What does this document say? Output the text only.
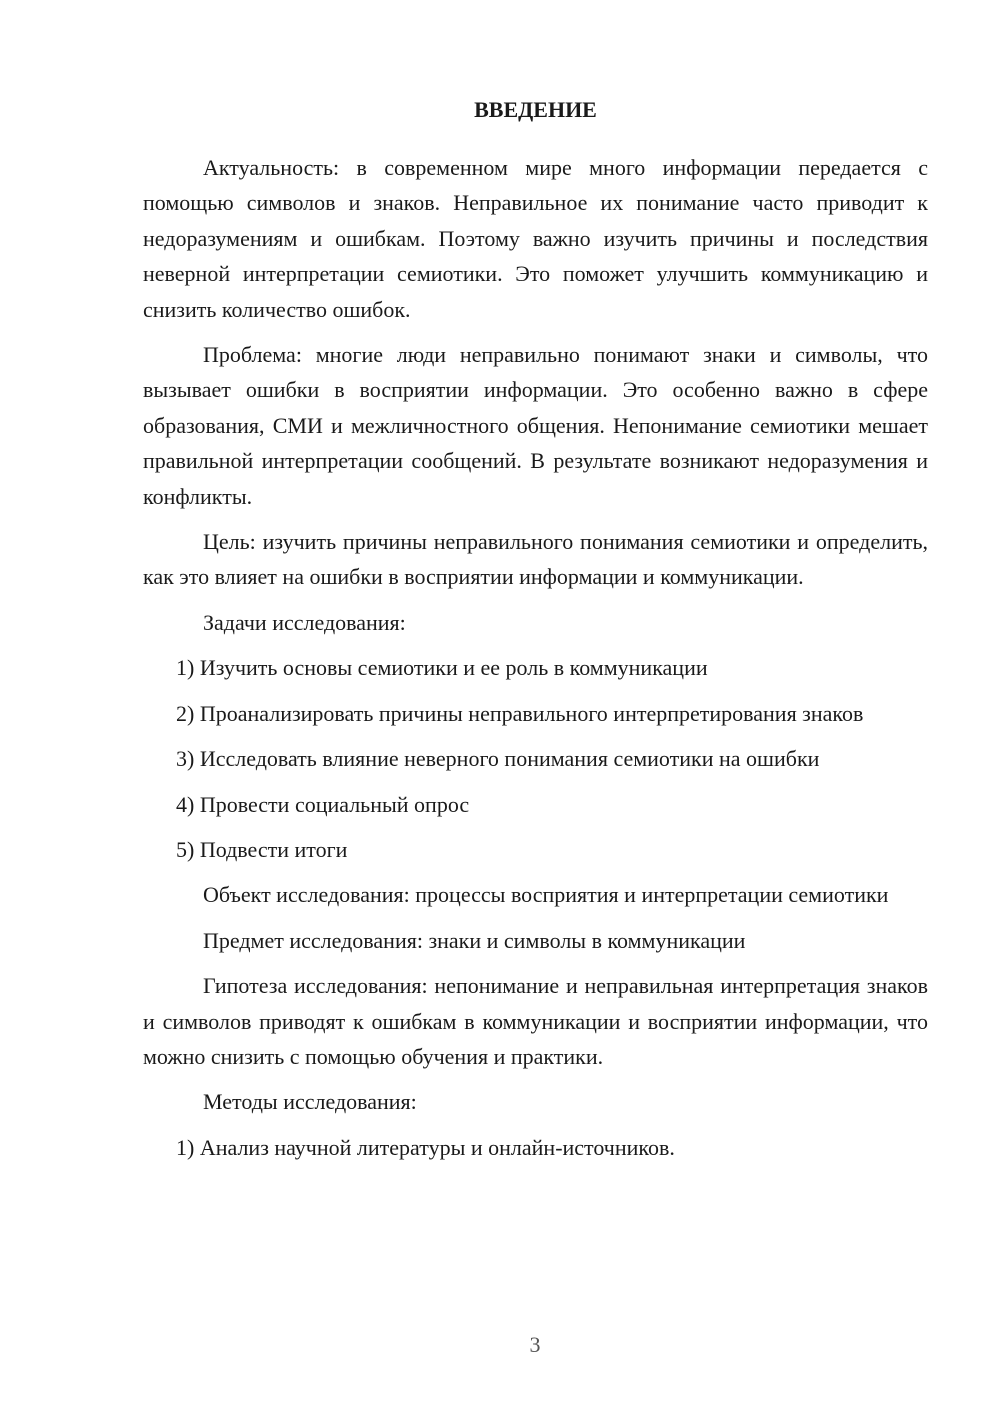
ВВЕДЕНИЕ

Актуальность: в современном мире много информации передается с помощью символов и знаков. Неправильное их понимание часто приводит к недоразумениям и ошибкам. Поэтому важно изучить причины и последствия неверной интерпретации семиотики. Это поможет улучшить коммуникацию и снизить количество ошибок.

Проблема: многие люди неправильно понимают знаки и символы, что вызывает ошибки в восприятии информации. Это особенно важно в сфере образования, СМИ и межличностного общения. Непонимание семиотики мешает правильной интерпретации сообщений. В результате возникают недоразумения и конфликты.

Цель: изучить причины неправильного понимания семиотики и определить, как это влияет на ошибки в восприятии информации и коммуникации.

Задачи исследования:

1) Изучить основы семиотики и ее роль в коммуникации

2) Проанализировать причины неправильного интерпретирования знаков

3) Исследовать влияние неверного понимания семиотики на ошибки

4) Провести социальный опрос

5) Подвести итоги

Объект исследования: процессы восприятия и интерпретации семиотики

Предмет исследования: знаки и символы в коммуникации

Гипотеза исследования: непонимание и неправильная интерпретация знаков и символов приводят к ошибкам в коммуникации и восприятии информации, что можно снизить с помощью обучения и практики.

Методы исследования:

1) Анализ научной литературы и онлайн-источников.

3
